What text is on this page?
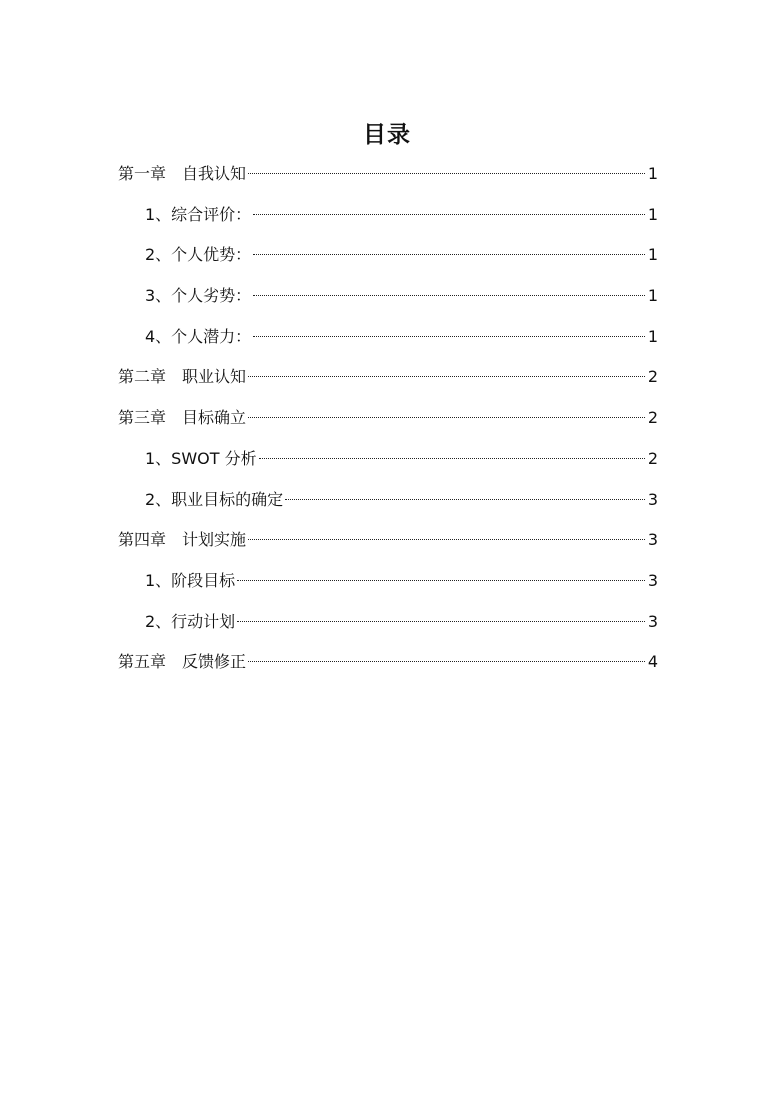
目录
第一章　自我认知	1
1、综合评价：	1
2、个人优势：	1
3、个人劣势：	1
4、个人潜力：	1
第二章　职业认知	2
第三章　目标确立	2
1、SWOT 分析	2
2、职业目标的确定	3
第四章　计划实施	3
1、阶段目标	3
2、行动计划	3
第五章　反馈修正	4
